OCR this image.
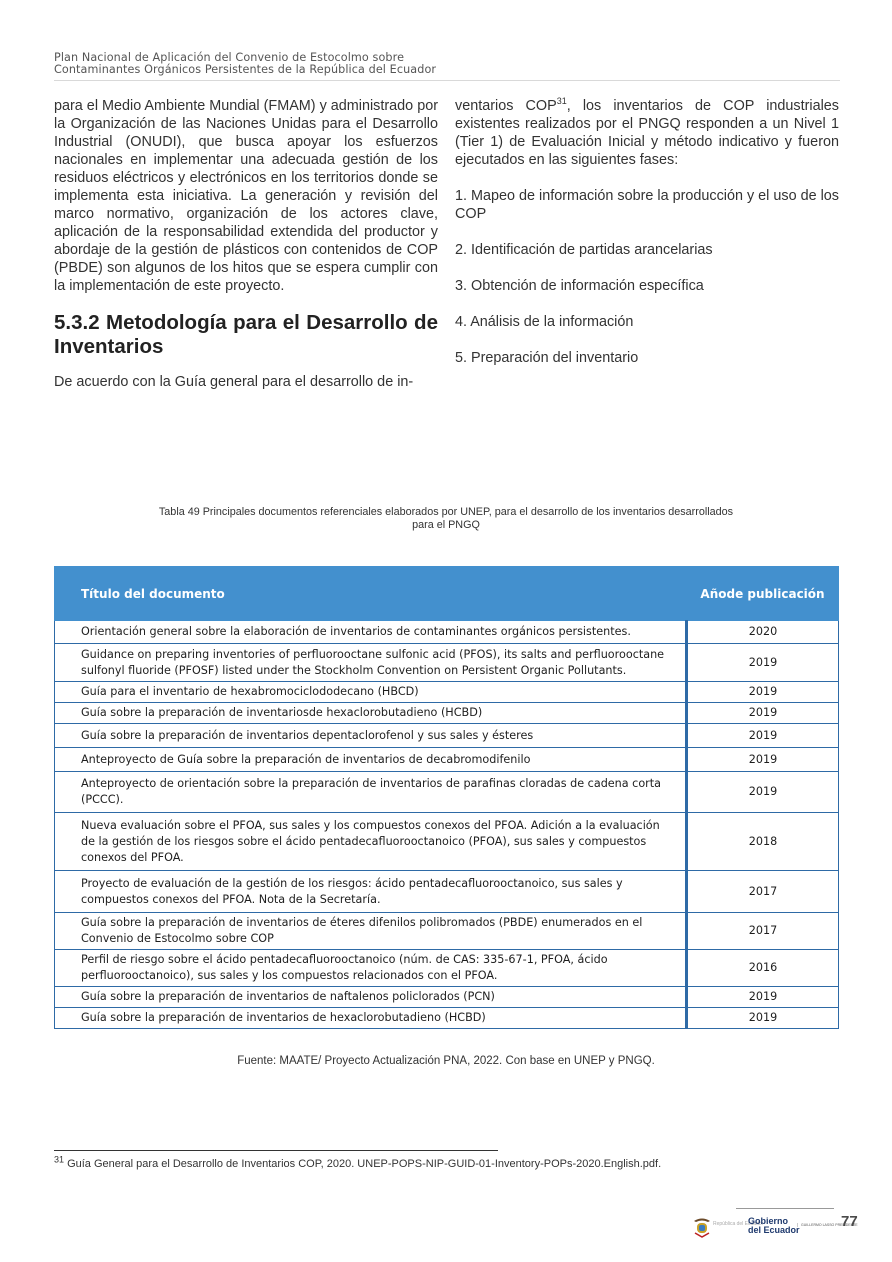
Plan Nacional de Aplicación del Convenio de Estocolmo sobre
Contaminantes Orgánicos Persistentes de la República del Ecuador

para el Medio Ambiente Mundial (FMAM) y administrado por la Organización de las Naciones Unidas para el Desarrollo Industrial (ONUDI), que busca apoyar los esfuerzos nacionales en implementar una adecuada gestión de los residuos eléctricos y electrónicos en los territorios donde se implementa esta iniciativa. La generación y revisión del marco normativo, organización de los actores clave, aplicación de la responsabilidad extendida del productor y abordaje de la gestión de plásticos con contenidos de COP (PBDE) son algunos de los hitos que se espera cumplir con la implementación de este proyecto.

5.3.2 Metodología para el Desarrollo de Inventarios

De acuerdo con la Guía general para el desarrollo de in-

ventarios COP$^{31}$, los inventarios de COP industriales existentes realizados por el PNGQ responden a un Nivel 1 (Tier 1) de Evaluación Inicial y método indicativo y fueron ejecutados en las siguientes fases:

1. Mapeo de información sobre la producción y el uso de los COP

2. Identificación de partidas arancelarias

3. Obtención de información específica

4. Análisis de la información

5. Preparación del inventario

Tabla 49 Principales documentos referenciales elaborados por UNEP, para el desarrollo de los inventarios desarrollados para el PNGQ
Título del documento	Añode publicación
Orientación general sobre la elaboración de inventarios de contaminantes orgánicos persistentes.	2020
Guidance on preparing inventories of perfluorooctane sulfonic acid (PFOS), its salts and perfluorooctane sulfonyl fluoride (PFOSF) listed under the Stockholm Convention on Persistent Organic Pollutants.	2019
Guía para el inventario de hexabromociclododecano (HBCD)	2019
Guía sobre la preparación de inventariosde hexaclorobutadieno (HCBD)	2019
Guía sobre la preparación de inventarios depentaclorofenol y sus sales y ésteres	2019
Anteproyecto de Guía sobre la preparación de inventarios de decabromodifenilo	2019
Anteproyecto de orientación sobre la preparación de inventarios de parafinas cloradas de cadena corta (PCCC).	2019
Nueva evaluación sobre el PFOA, sus sales y los compuestos conexos del PFOA. Adición a la evaluación de la gestión de los riesgos sobre el ácido pentadecafluorooctanoico (PFOA), sus sales y compuestos conexos del PFOA.	2018
Proyecto de evaluación de la gestión de los riesgos: ácido pentadecafluorooctanoico, sus sales y compuestos conexos del PFOA. Nota de la Secretaría.	2017
Guía sobre la preparación de inventarios de éteres difenilos polibromados (PBDE) enumerados en el Convenio de Estocolmo sobre COP	2017
Perfil de riesgo sobre el ácido pentadecafluorooctanoico (núm. de CAS: 335-67-1, PFOA, ácido perfluorooctanoico), sus sales y los compuestos relacionados con el PFOA.	2016
Guía sobre la preparación de inventarios de naftalenos policlorados (PCN)	2019
Guía sobre la preparación de inventarios de hexaclorobutadieno (HCBD)	2019
Fuente: MAATE/ Proyecto Actualización PNA, 2022. Con base en UNEP y PNGQ.
$^{31}$ Guía General para el Desarrollo de Inventarios COP, 2020. UNEP-POPS-NIP-GUID-01-Inventory-POPs-2020.English.pdf.
República del Ecuador
Gobierno
del Ecuador GUILLERMO LASSO PRESIDENTE
77
